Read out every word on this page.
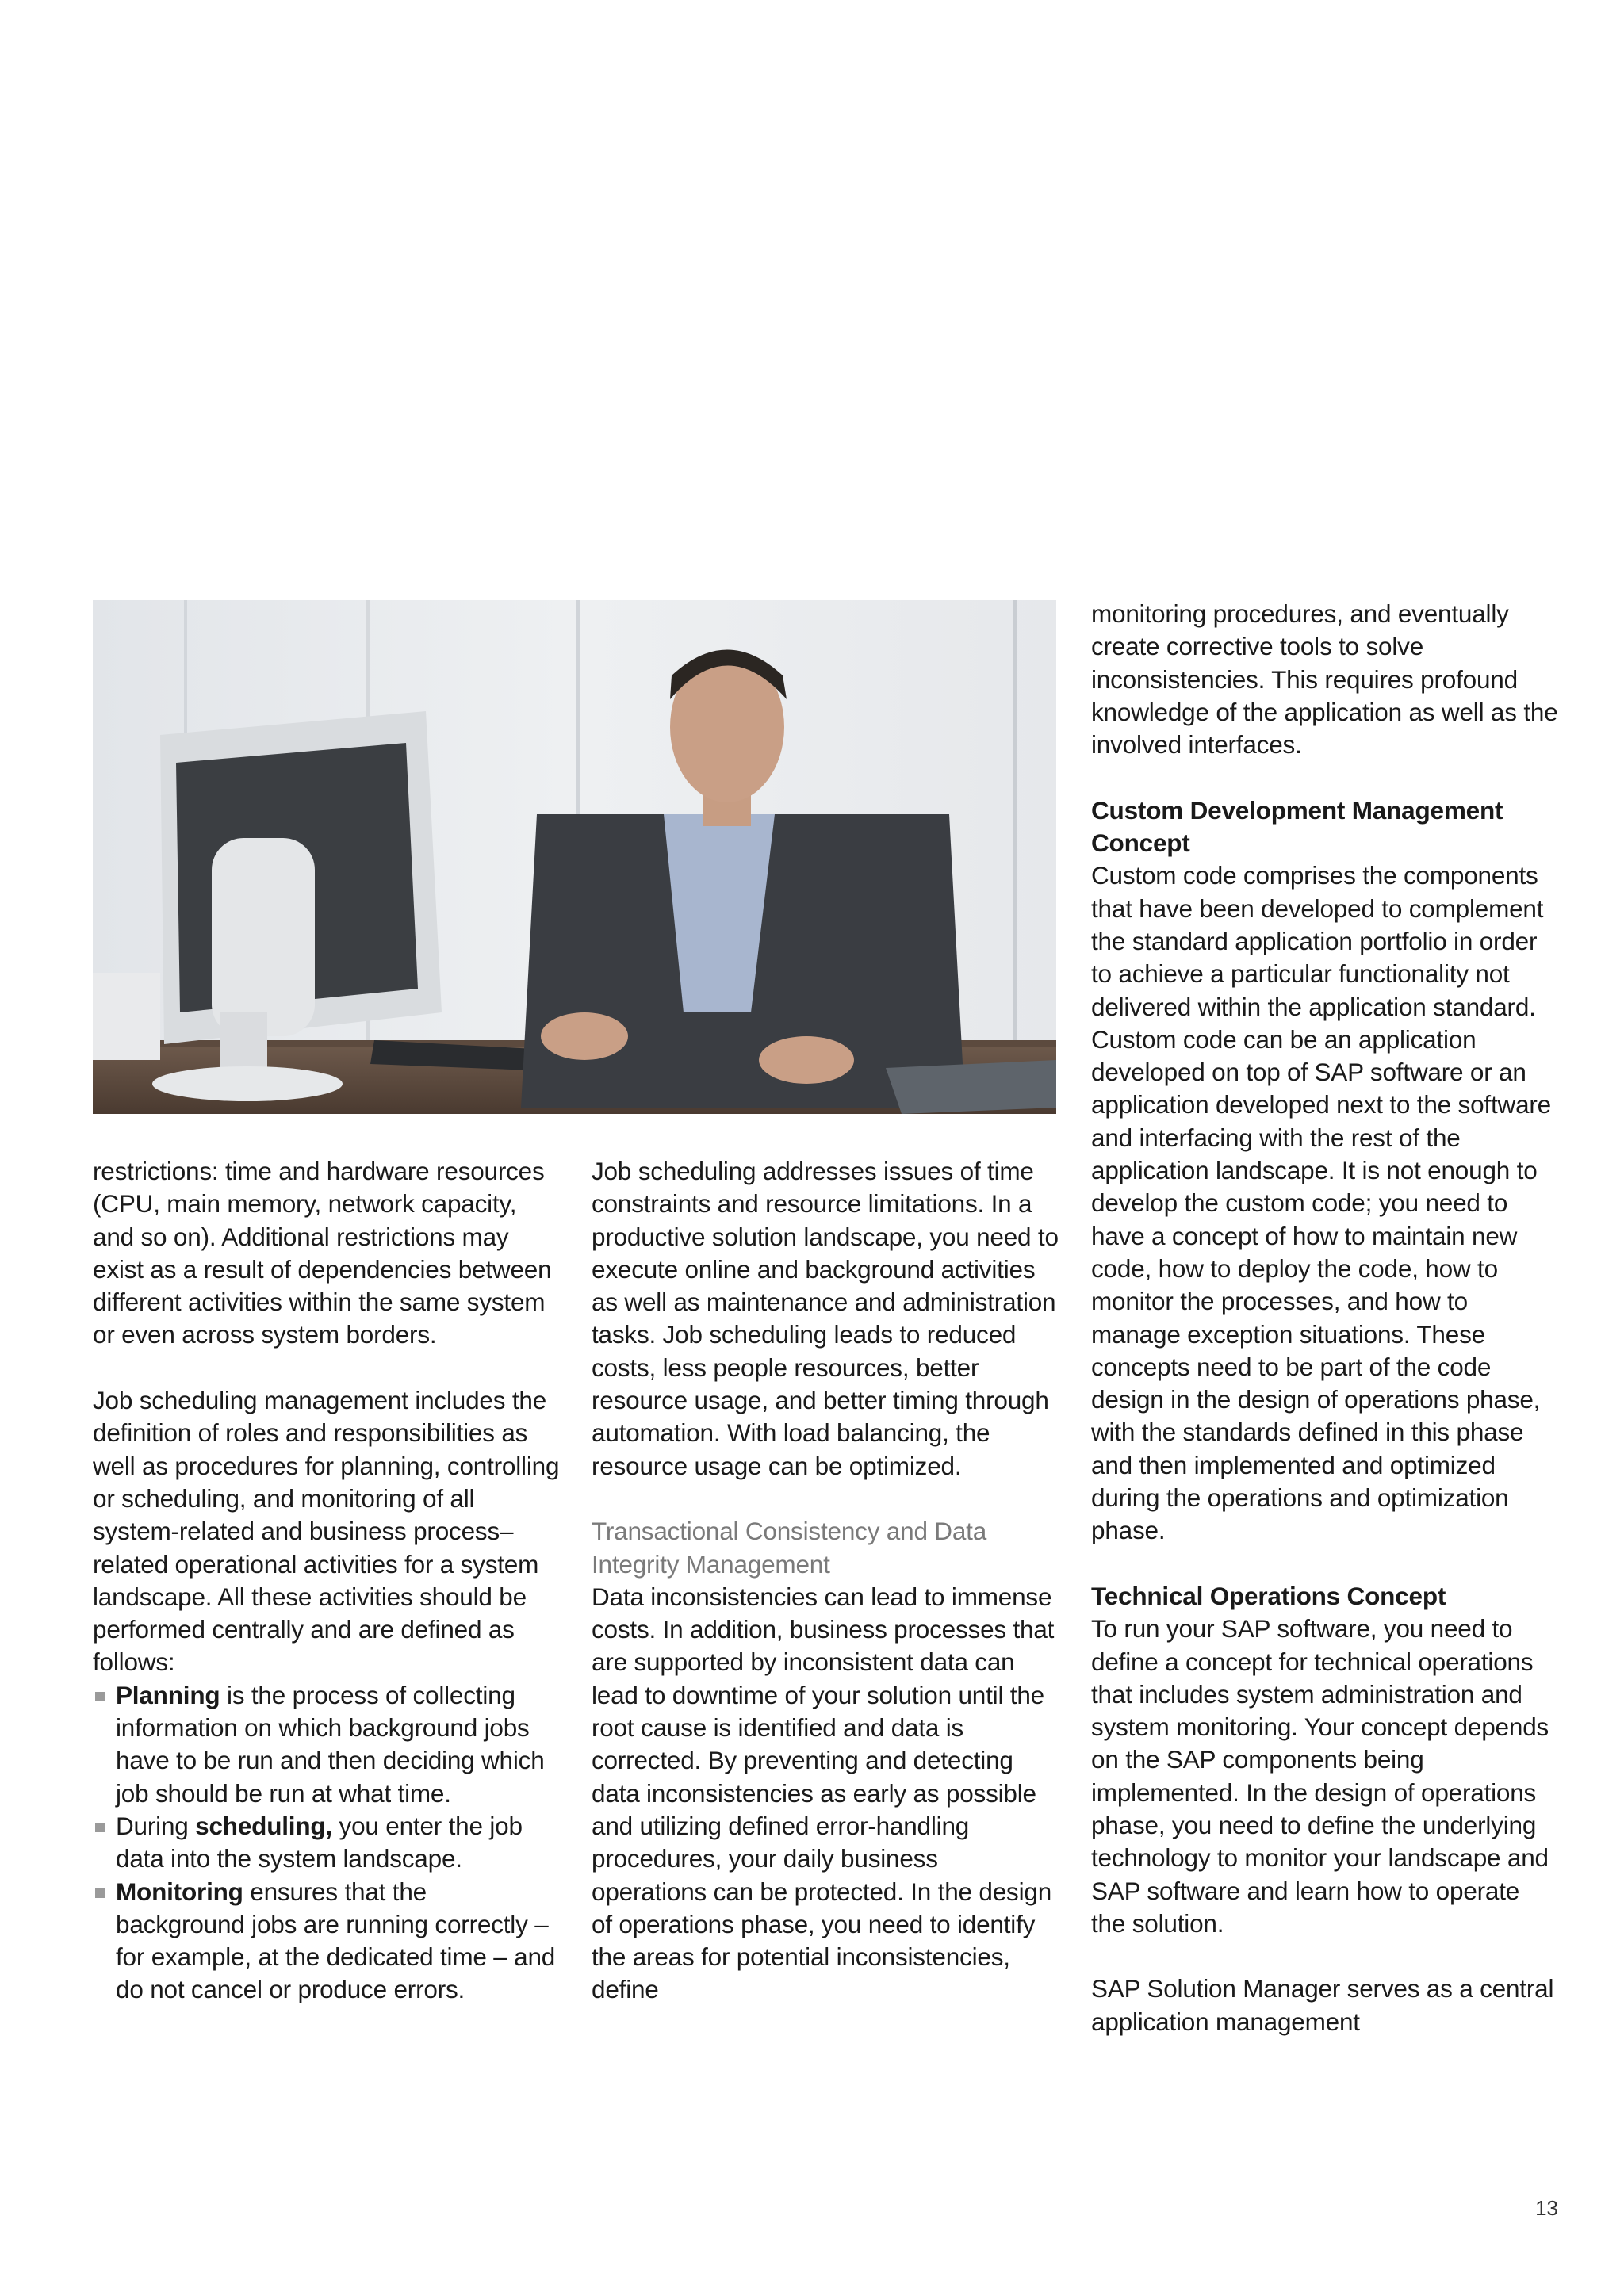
restrictions: time and hardware resources (CPU, main memory, network capacity, and so on). Additional restrictions may exist as a result of dependencies between different activities within the same system or even across system borders.

Job scheduling management includes the definition of roles and responsibilities as well as procedures for planning, controlling or scheduling, and monitoring of all system-related and business process–related operational activities for a system landscape. All these activities should be performed centrally and are defined as follows:

Planning is the process of collecting information on which background jobs have to be run and then deciding which job should be run at what time.
During scheduling, you enter the job data into the system landscape.
Monitoring ensures that the background jobs are running correctly – for example, at the dedicated time – and do not cancel or produce errors.

Job scheduling addresses issues of time constraints and resource limitations. In a productive solution landscape, you need to execute online and background activities as well as maintenance and administration tasks. Job scheduling leads to reduced costs, less people resources, better resource usage, and better timing through automation. With load balancing, the resource usage can be optimized.

Transactional Consistency and Data Integrity Management

Data inconsistencies can lead to immense costs. In addition, business processes that are supported by inconsistent data can lead to downtime of your solution until the root cause is identified and data is corrected. By preventing and detecting data inconsistencies as early as possible and utilizing defined error-handling procedures, your daily business operations can be protected. In the design of operations phase, you need to identify the areas for potential inconsistencies, define

monitoring procedures, and eventually create corrective tools to solve inconsistencies. This requires profound knowledge of the application as well as the involved interfaces.

Custom Development Management Concept

Custom code comprises the components that have been developed to complement the standard application portfolio in order to achieve a particular functionality not delivered within the application standard. Custom code can be an application developed on top of SAP software or an application developed next to the software and interfacing with the rest of the application landscape. It is not enough to develop the custom code; you need to have a concept of how to maintain new code, how to deploy the code, how to monitor the processes, and how to manage exception situations. These concepts need to be part of the code design in the design of operations phase, with the standards defined in this phase and then implemented and optimized during the operations and optimization phase.

Technical Operations Concept

To run your SAP software, you need to define a concept for technical operations that includes system administration and system monitoring. Your concept depends on the SAP components being implemented. In the design of operations phase, you need to define the underlying technology to monitor your landscape and SAP software and learn how to operate the solution.

SAP Solution Manager serves as a central application management

13
